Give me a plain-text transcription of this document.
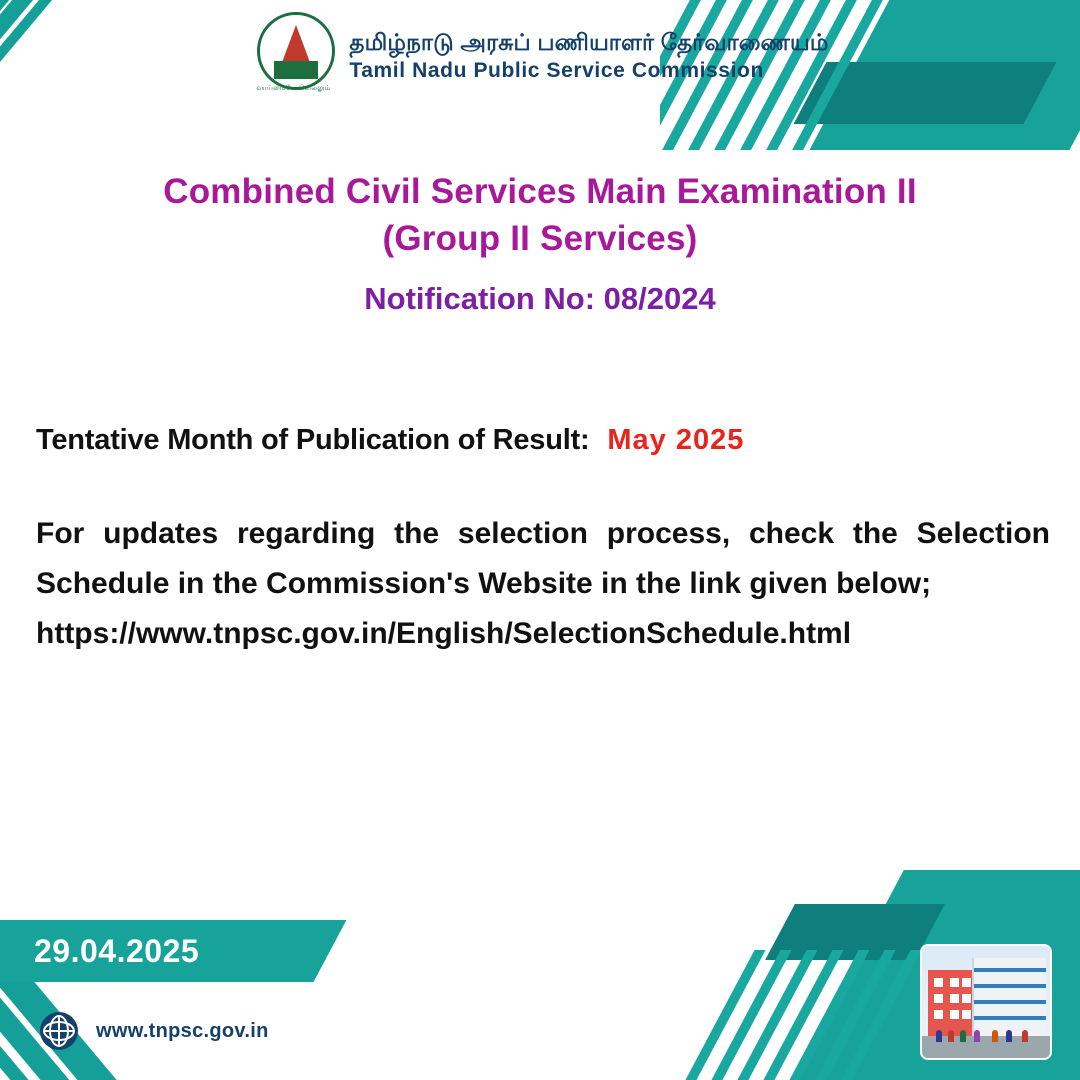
வாய்மையே வெல்லும்
தமிழ்நாடு அரசுப் பணியாளர் தேர்வாணையம்
Tamil Nadu Public Service Commission
Combined Civil Services Main Examination II
(Group II Services)
Notification No: 08/2024
Tentative Month of Publication of Result: May 2025
For updates regarding the selection process, check the Selection Schedule in the Commission's Website in the link given below;
https://www.tnpsc.gov.in/English/SelectionSchedule.html
29.04.2025
www.tnpsc.gov.in
